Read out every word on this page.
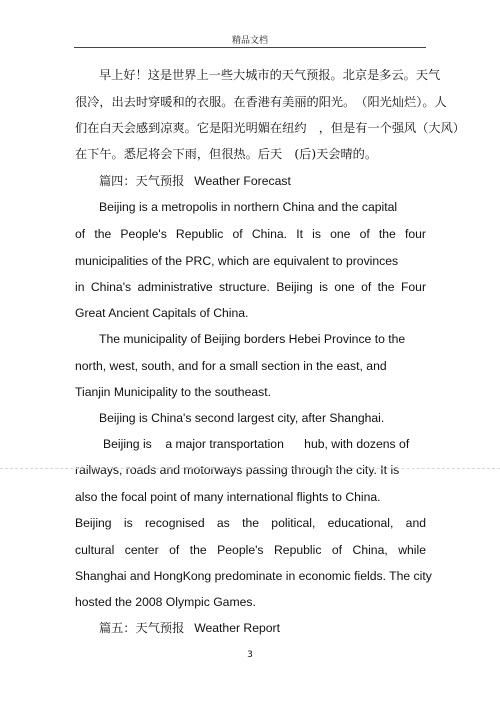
精品文档
早上好！这是世界上一些大城市的天气预报。北京是多云。天气
很冷，出去时穿暖和的衣服。在香港有美丽的阳光。　（阳光灿烂）。人
们在白天会感到凉爽。它是阳光明媚在纽约　，但是有一个强风（大风）
在下午。悉尼将会下雨，但很热。后天　(后)天会晴的。
篇四：天气预报 Weather Forecast
Beijing is a metropolis in northern China and the capital
of the People's Republic of China. It is one of the four
municipalities of the PRC, which are equivalent to provinces
in China's administrative structure. Beijing is one of the Four
Great Ancient Capitals of China.
The municipality of Beijing borders Hebei Province to the
north, west, south, and for a small section in the east, and
Tianjin Municipality to the southeast.
Beijing is China's second largest city, after Shanghai.
Beijing is    a major transportation      hub, with dozens of
railways, roads and motorways passing through the city. It is
also the focal point of many international flights to China.
Beijing is recognised as the political, educational, and
cultural center of the People's Republic of China, while
Shanghai and HongKong predominate in economic fields. The city
hosted the 2008 Olympic Games.
篇五：天气预报 Weather Report
3
